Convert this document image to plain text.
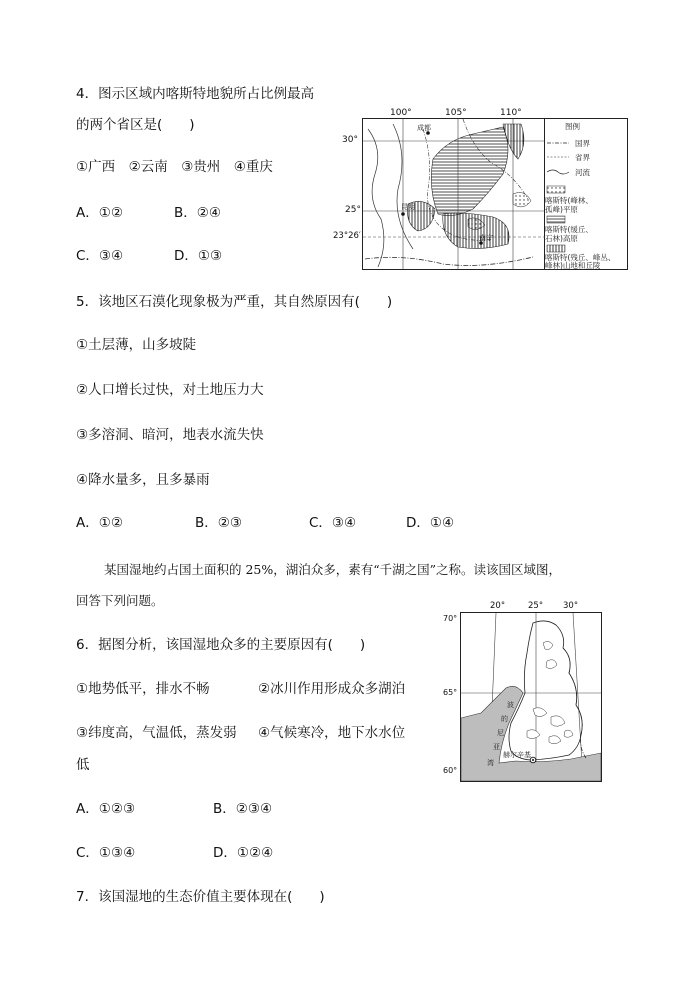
4．图示区域内喀斯特地貌所占比例最高
的两个省区是(　　)
①广西　②云南　③贵州　④重庆
A．①②	B．②④
C．③④	D．①③
成都
昆明
南宁
100°	105°	110°
30°
25°
23°26′
图例
国界
省界
河流
喀斯特(峰林、
孤峰)平原
喀斯特(缓丘、
石林)高原
喀斯特(残丘、峰丛、
峰林)山地和丘陵
5．该地区石漠化现象极为严重，其自然原因有(　　)
①土层薄，山多坡陡
②人口增长过快，对土地压力大
③多溶洞、暗河，地表水流失快
④降水量多，且多暴雨
A．①②	B．②③	C．③④	D．①④
某国湿地约占国土面积的 25%，湖泊众多，素有“千湖之国”之称。读该国区域图，
回答下列问题。
6．据图分析，该国湿地众多的主要原因有(　　)
①地势低平，排水不畅	②冰川作用形成众多湖泊
③纬度高，气温低，蒸发弱 ④气候寒冷，地下水水位
低
A．①②③	B．②③④
C．①③④	D．①②④
7．该国湿地的生态价值主要体现在(　　)
20°	25° 30°
70°
65°
60°
波
的
尼
亚
湾
赫尔辛基
